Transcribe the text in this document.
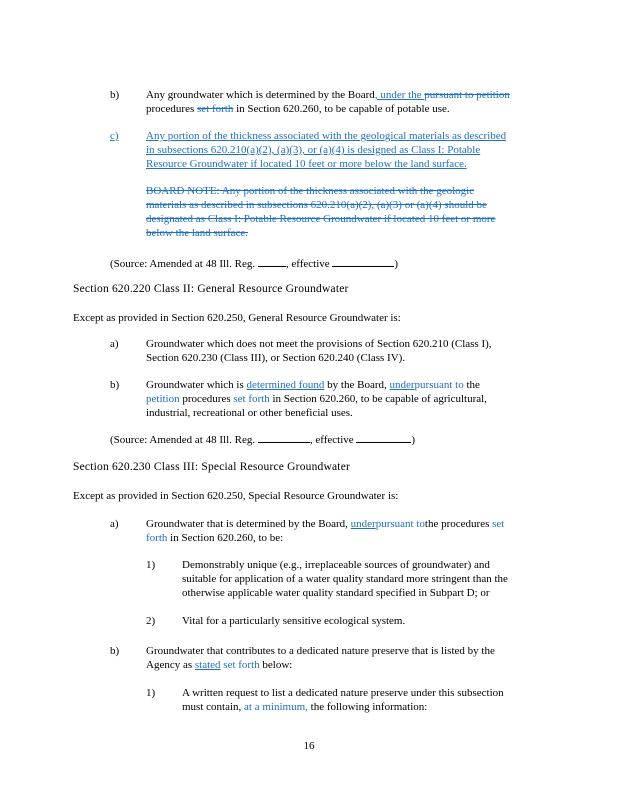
b) Any groundwater which is determined by the Board, under the pursuant to petition procedures set forth in Section 620.260, to be capable of potable use.

c) Any portion of the thickness associated with the geological materials as described
in subsections 620.210(a)(2), (a)(3), or (a)(4) is designed as Class I: Potable
Resource Groundwater if located 10 feet or more below the land surface.
BOARD NOTE: Any portion of the thickness associated with the geologic
materials as described in subsections 620.210(a)(2), (a)(3) or (a)(4) should be
designated as Class I: Potable Resource Groundwater if located 10 feet or more
below the land surface.

(Source: Amended at 48 Ill. Reg.	, effective	)

Section 620.220 Class II: General Resource Groundwater

Except as provided in Section 620.250, General Resource Groundwater is:

a) Groundwater which does not meet the provisions of Section 620.210 (Class I),
Section 620.230 (Class III), or Section 620.240 (Class IV).
b) Groundwater which is determined found by the Board, underpursuant to the
petition procedures set forth in Section 620.260, to be capable of agricultural,
industrial, recreational or other beneficial uses.

(Source: Amended at 48 Ill. Reg.	, effective	)

Section 620.230 Class III: Special Resource Groundwater

Except as provided in Section 620.250, Special Resource Groundwater is:

a) Groundwater that is determined by the Board, underpursuant tothe procedures set
forth in Section 620.260, to be:
1) Demonstrably unique (e.g., irreplaceable sources of groundwater) and
suitable for application of a water quality standard more stringent than the
otherwise applicable water quality standard specified in Subpart D; or
2) Vital for a particularly sensitive ecological system.
b) Groundwater that contributes to a dedicated nature preserve that is listed by the
Agency as stated set forth below:
1) A written request to list a dedicated nature preserve under this subsection
must contain, at a minimum, the following information:
16
